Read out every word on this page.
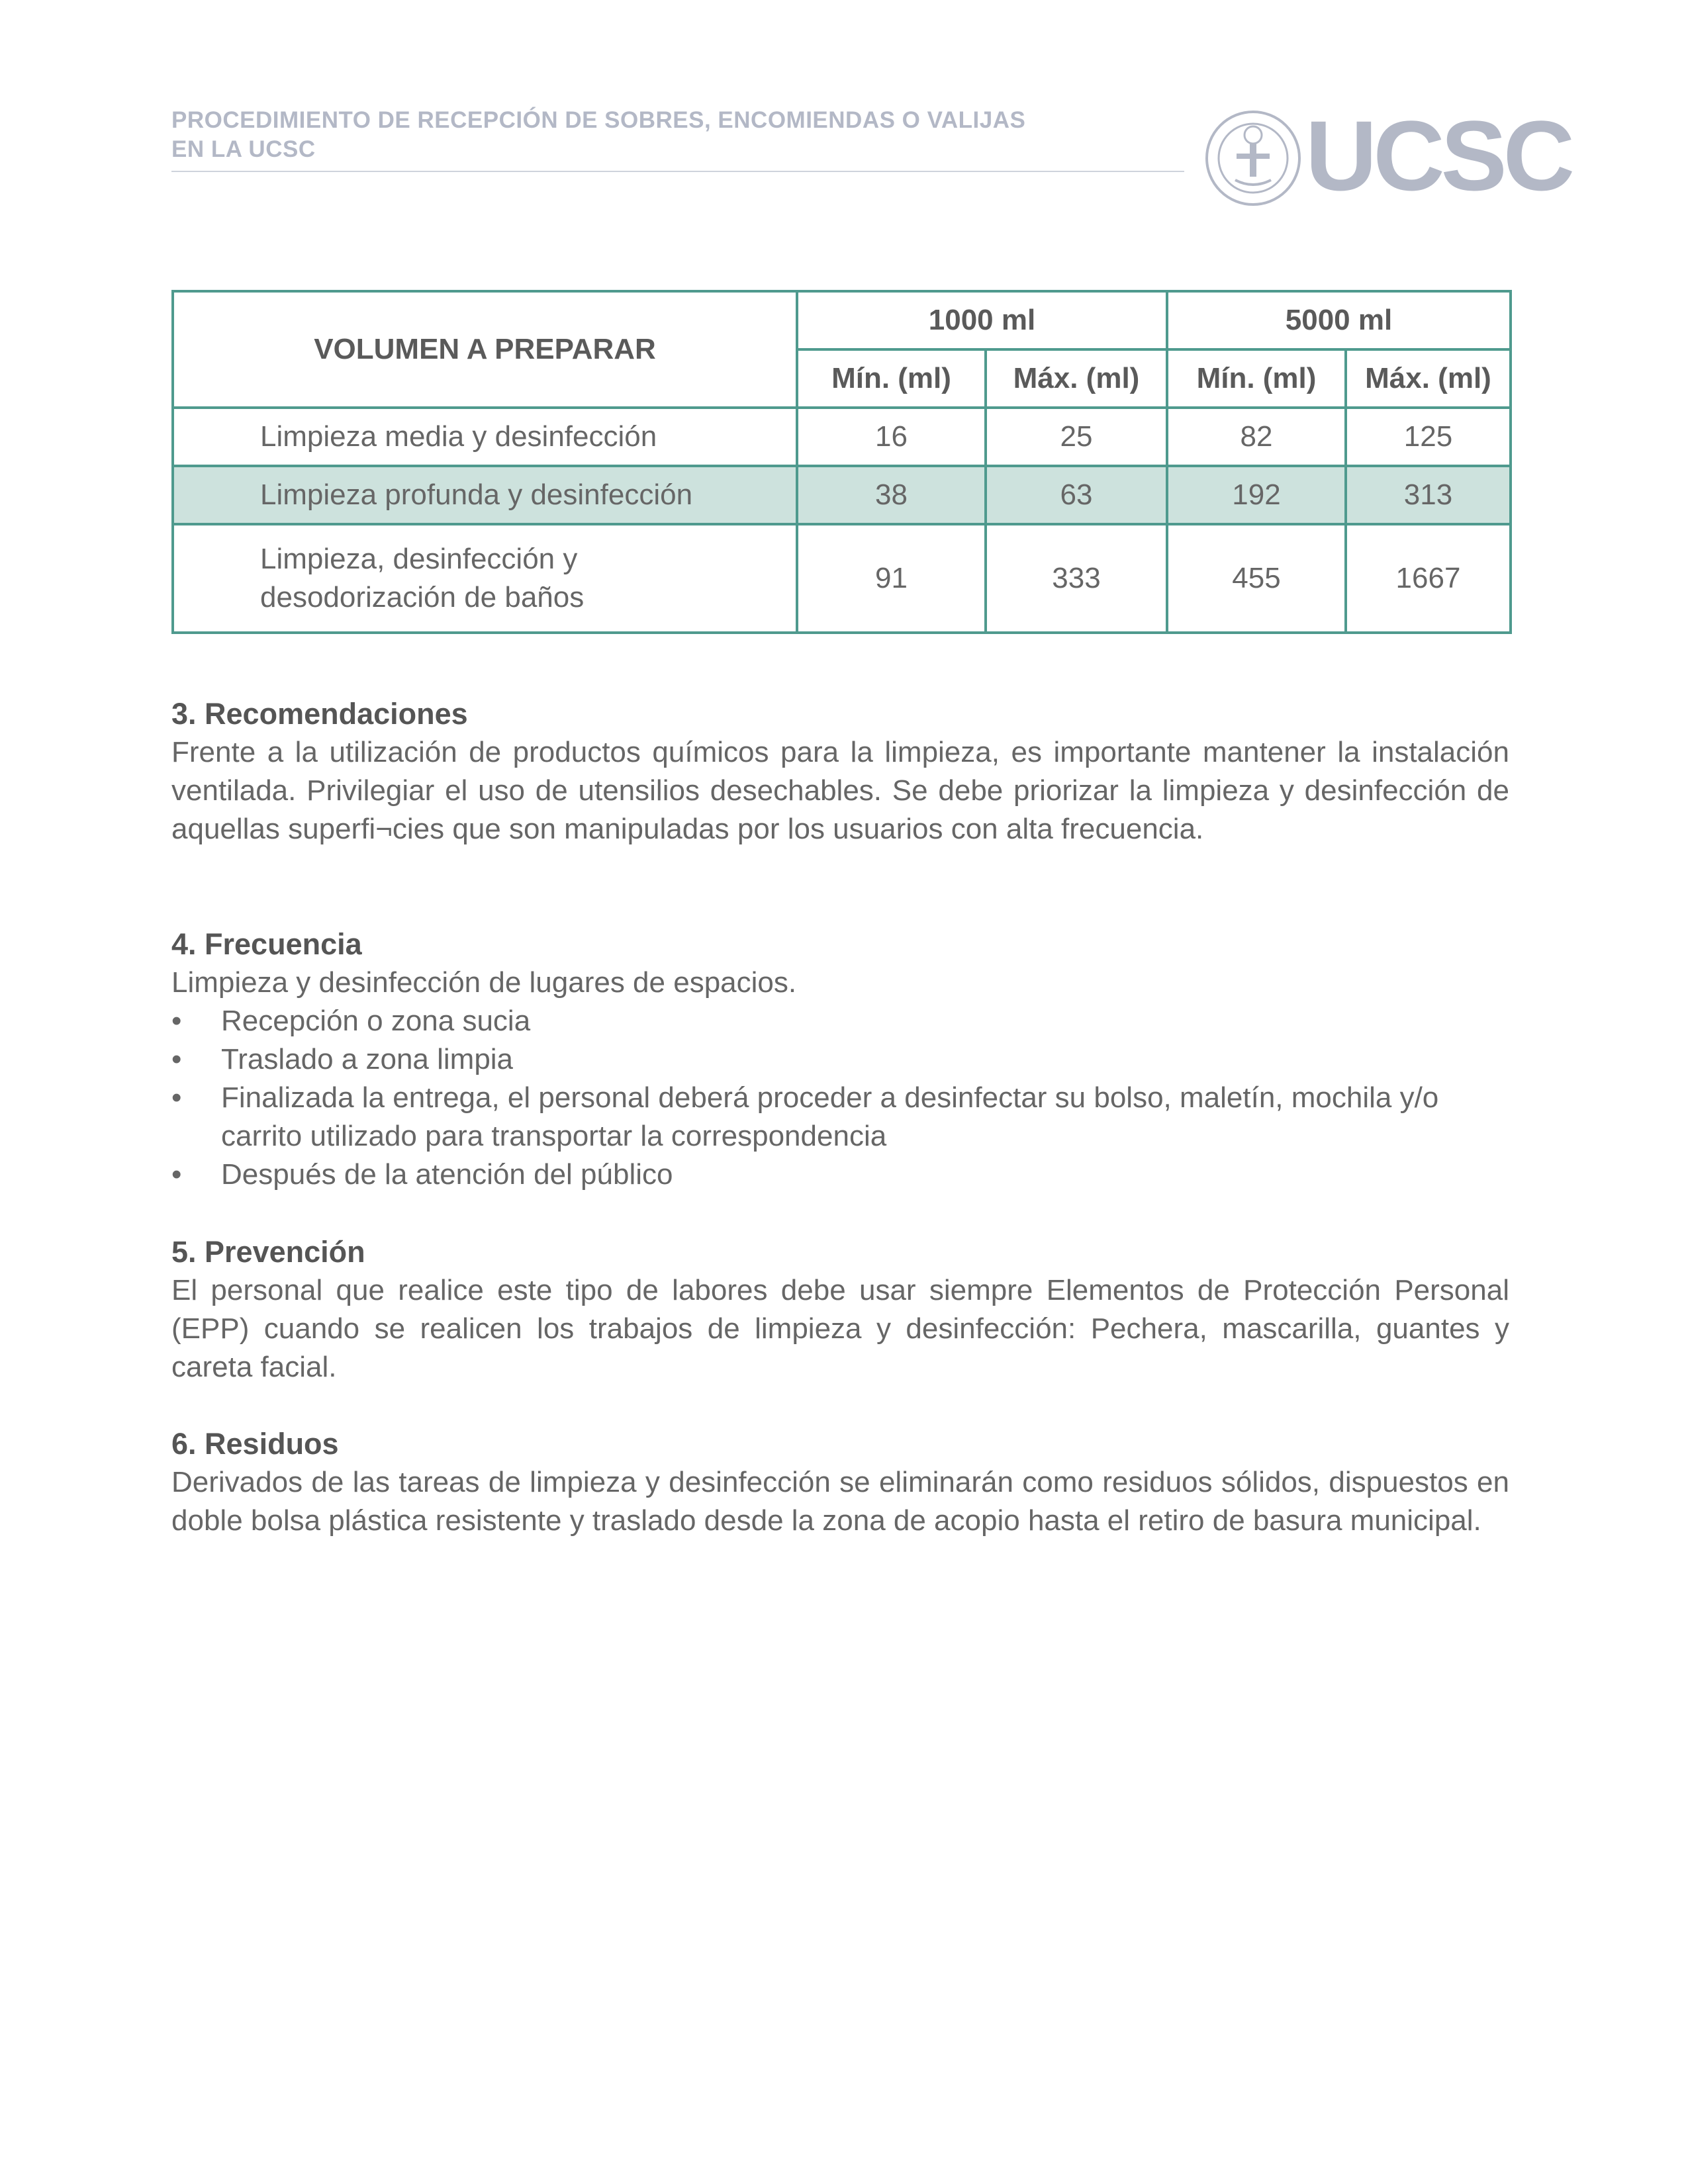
PROCEDIMIENTO DE RECEPCIÓN DE SOBRES, ENCOMIENDAS O VALIJAS EN LA UCSC	UCSC
VOLUMEN A PREPARAR	1000 ml		5000 ml	
	Mín. (ml)	Máx. (ml)	Mín. (ml)	Máx. (ml)
Limpieza media y desinfección	16	25	82	125
Limpieza profunda y desinfección	38	63	192	313
Limpieza, desinfección y desodorización de baños	91	333	455	1667
3. Recomendaciones

Frente a la utilización de productos químicos para la limpieza, es importante mantener la instalación ventilada. Privilegiar el uso de utensilios desechables. Se debe priorizar la limpieza y desinfección de aquellas superfi¬cies que son manipuladas por los usuarios con alta frecuencia.

4. Frecuencia

Limpieza y desinfección de lugares de espacios.

• Recepción o zona sucia
• Traslado a zona limpia
• Finalizada la entrega, el personal deberá proceder a desinfectar su bolso, maletín, mochila y/o carrito utilizado para transportar la correspondencia
• Después de la atención del público
5. Prevención

El personal que realice este tipo de labores debe usar siempre Elementos de Protección Personal (EPP) cuando se realicen los trabajos de limpieza y desinfección: Pechera, mascarilla, guantes y careta facial.

6. Residuos

Derivados de las tareas de limpieza y desinfección se eliminarán como residuos sólidos, dispuestos en doble bolsa plástica resistente y traslado desde la zona de acopio hasta el retiro de basura municipal.
